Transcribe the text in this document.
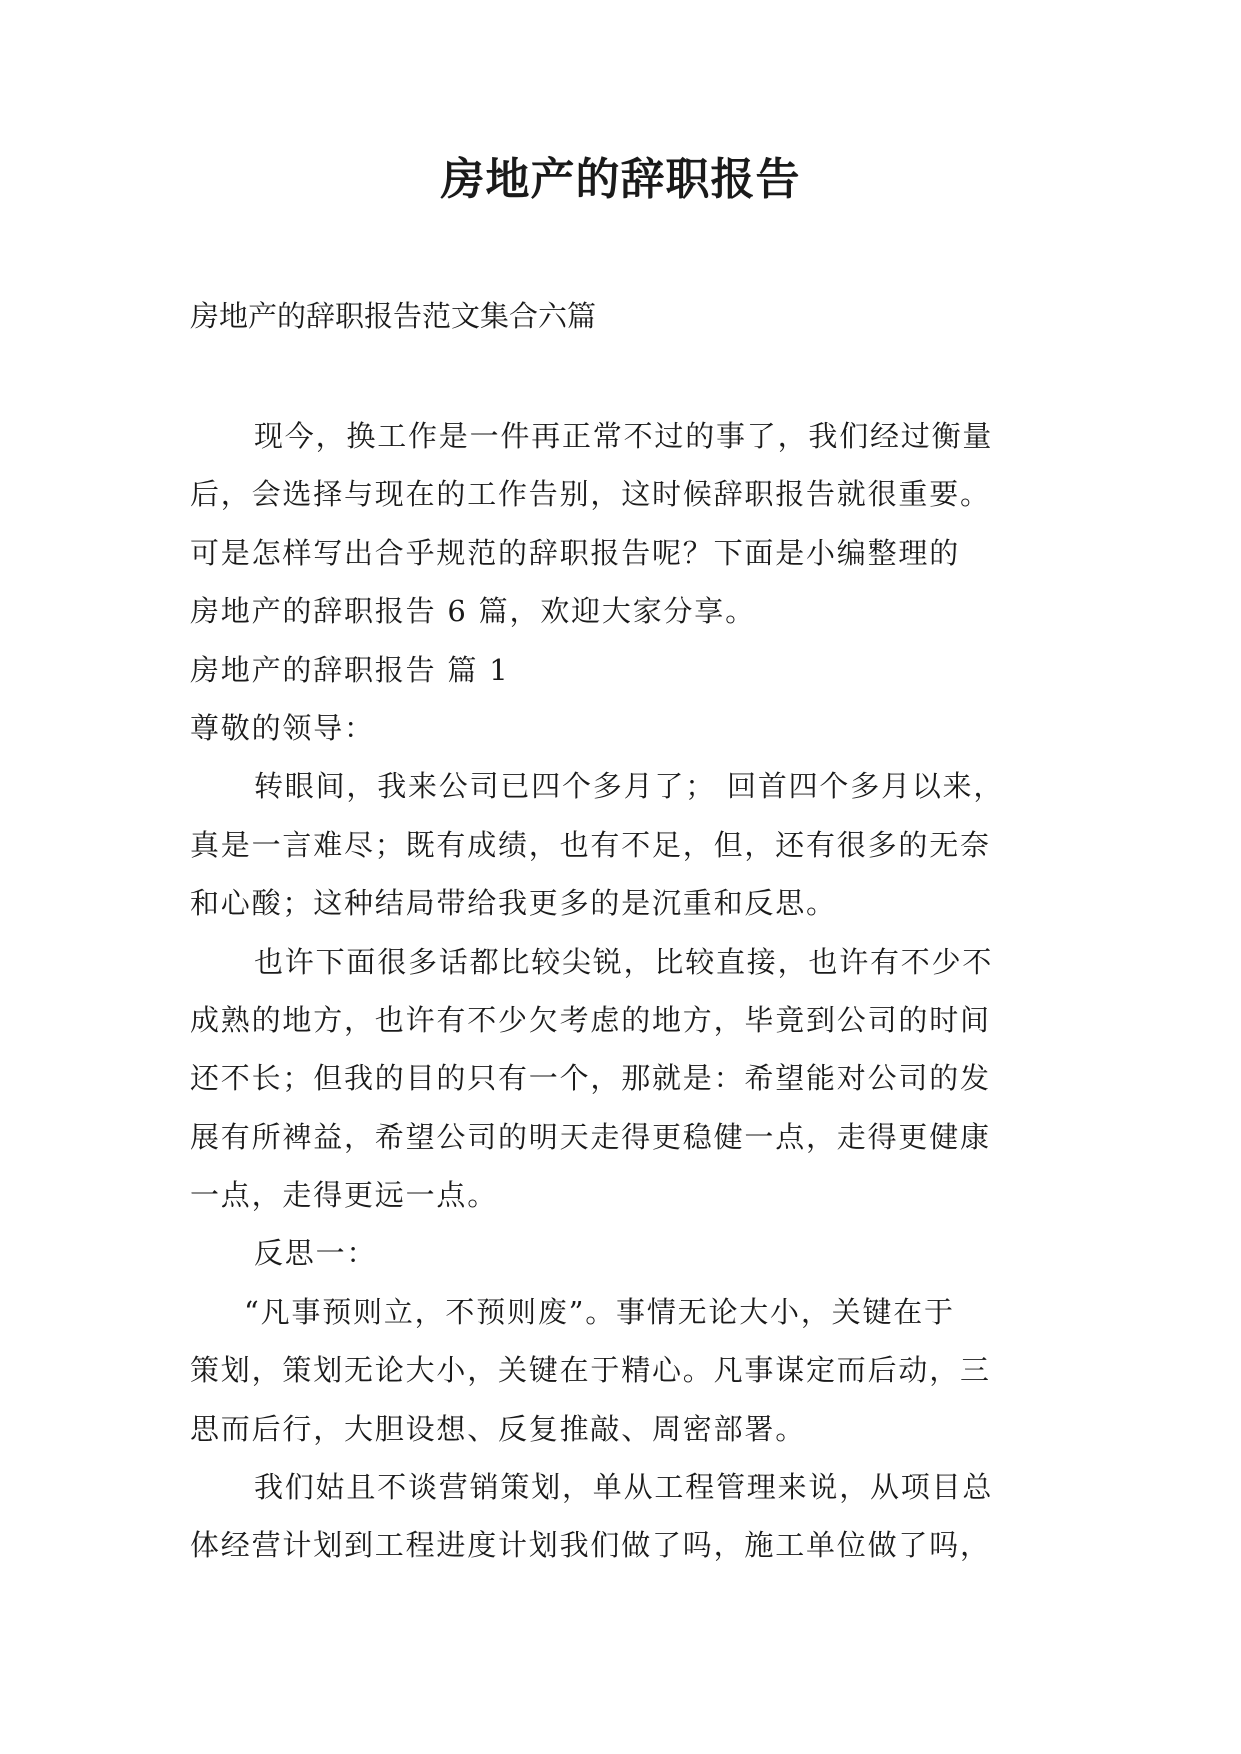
房地产的辞职报告

房地产的辞职报告范文集合六篇

现今，换工作是一件再正常不过的事了，我们经过衡量

后，会选择与现在的工作告别，这时候辞职报告就很重要。

可是怎样写出合乎规范的辞职报告呢？下面是小编整理的

房地产的辞职报告 6 篇，欢迎大家分享。

房地产的辞职报告 篇 1

尊敬的领导：

转眼间，我来公司已四个多月了； 回首四个多月以来，

真是一言难尽；既有成绩，也有不足，但，还有很多的无奈

和心酸；这种结局带给我更多的是沉重和反思。

也许下面很多话都比较尖锐，比较直接，也许有不少不

成熟的地方，也许有不少欠考虑的地方，毕竟到公司的时间

还不长；但我的目的只有一个，那就是：希望能对公司的发

展有所裨益，希望公司的明天走得更稳健一点，走得更健康

一点，走得更远一点。

反思一：

“凡事预则立，不预则废”。事情无论大小，关键在于

策划，策划无论大小，关键在于精心。凡事谋定而后动，三

思而后行，大胆设想、反复推敲、周密部署。

我们姑且不谈营销策划，单从工程管理来说，从项目总

体经营计划到工程进度计划我们做了吗，施工单位做了吗，
